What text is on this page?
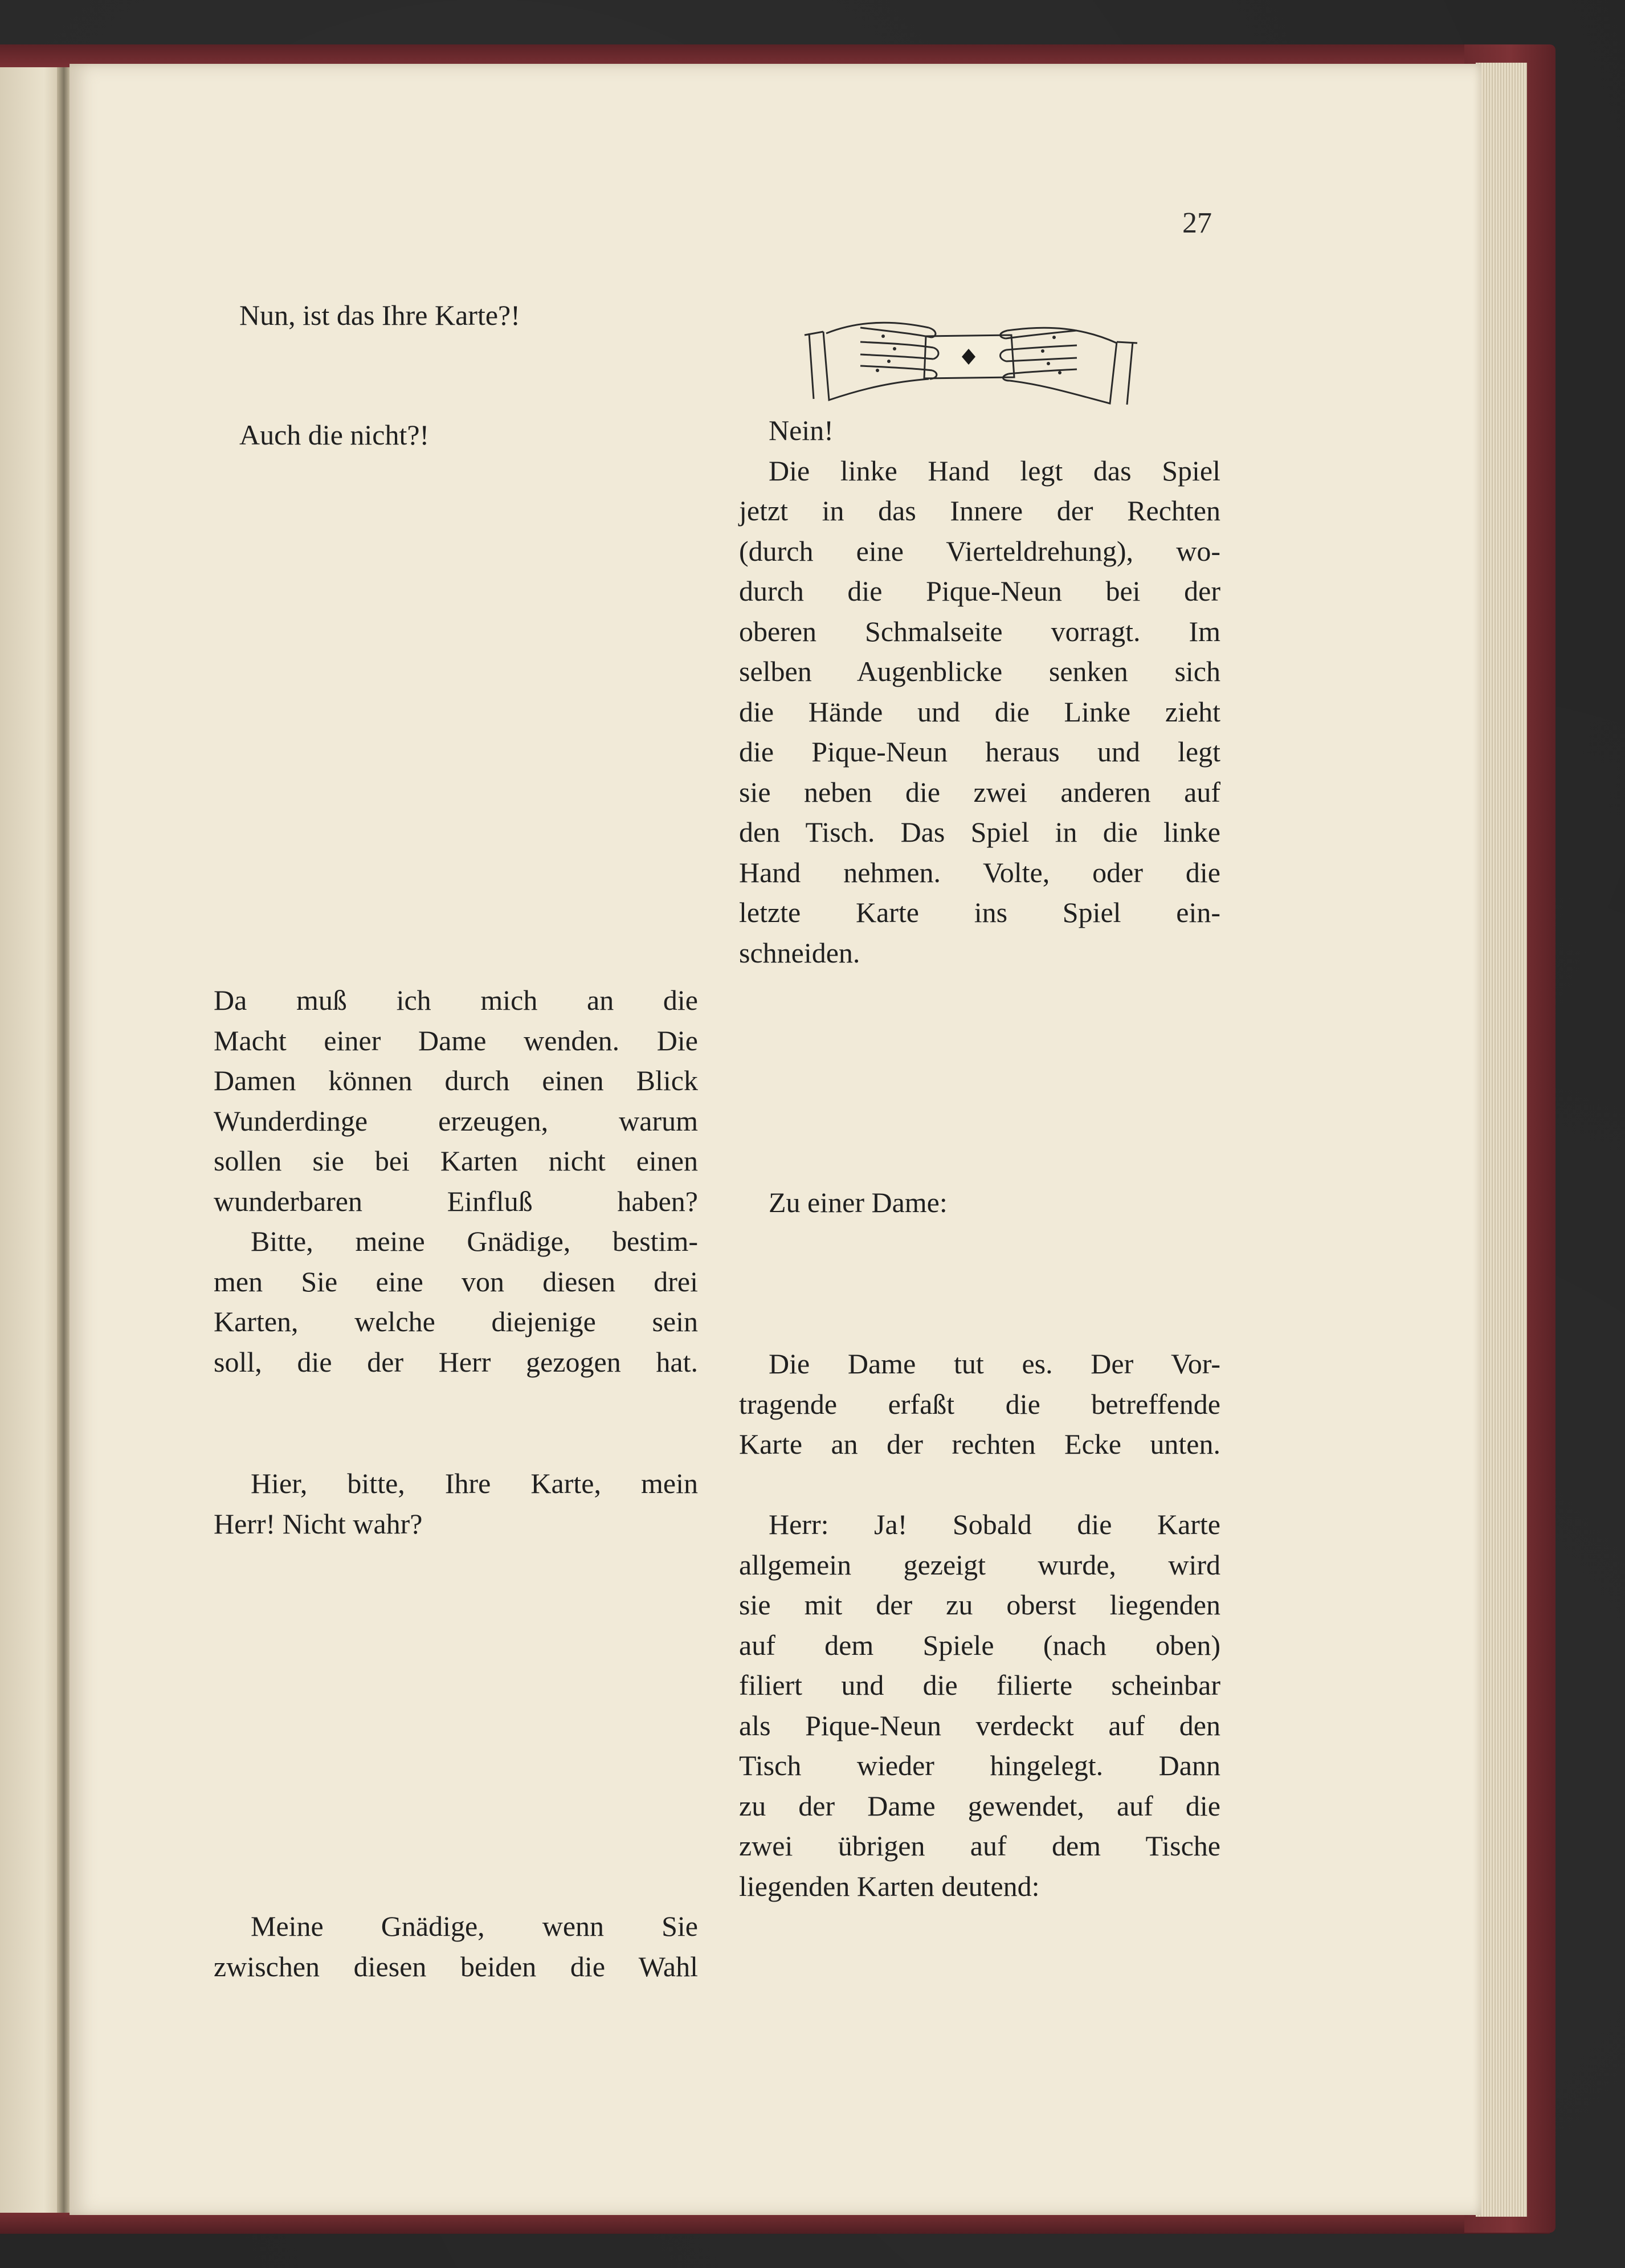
27
Nun, ist das Ihre Karte?!
Auch die nicht?!
Da muß ich mich an die
Macht einer Dame wenden. Die
Damen können durch einen Blick
Wunderdinge erzeugen, warum
sollen sie bei Karten nicht einen
wunderbaren Einfluß haben?
Bitte, meine Gnädige, bestim-
men Sie eine von diesen drei
Karten, welche diejenige sein
soll, die der Herr gezogen hat.
Hier, bitte, Ihre Karte, mein
Herr! Nicht wahr?
Meine Gnädige, wenn Sie
zwischen diesen beiden die Wahl
Nein!
Die linke Hand legt das Spiel
jetzt in das Innere der Rechten
(durch eine Vierteldrehung), wo-
durch die Pique-Neun bei der
oberen Schmalseite vorragt. Im
selben Augenblicke senken sich
die Hände und die Linke zieht
die Pique-Neun heraus und legt
sie neben die zwei anderen auf
den Tisch. Das Spiel in die linke
Hand nehmen. Volte, oder die
letzte Karte ins Spiel ein-
schneiden.
Zu einer Dame:
Die Dame tut es. Der Vor-
tragende erfaßt die betreffende
Karte an der rechten Ecke unten.
Herr: Ja! Sobald die Karte
allgemein gezeigt wurde, wird
sie mit der zu oberst liegenden
auf dem Spiele (nach oben)
filiert und die filierte scheinbar
als Pique-Neun verdeckt auf den
Tisch wieder hingelegt. Dann
zu der Dame gewendet, auf die
zwei übrigen auf dem Tische
liegenden Karten deutend:
